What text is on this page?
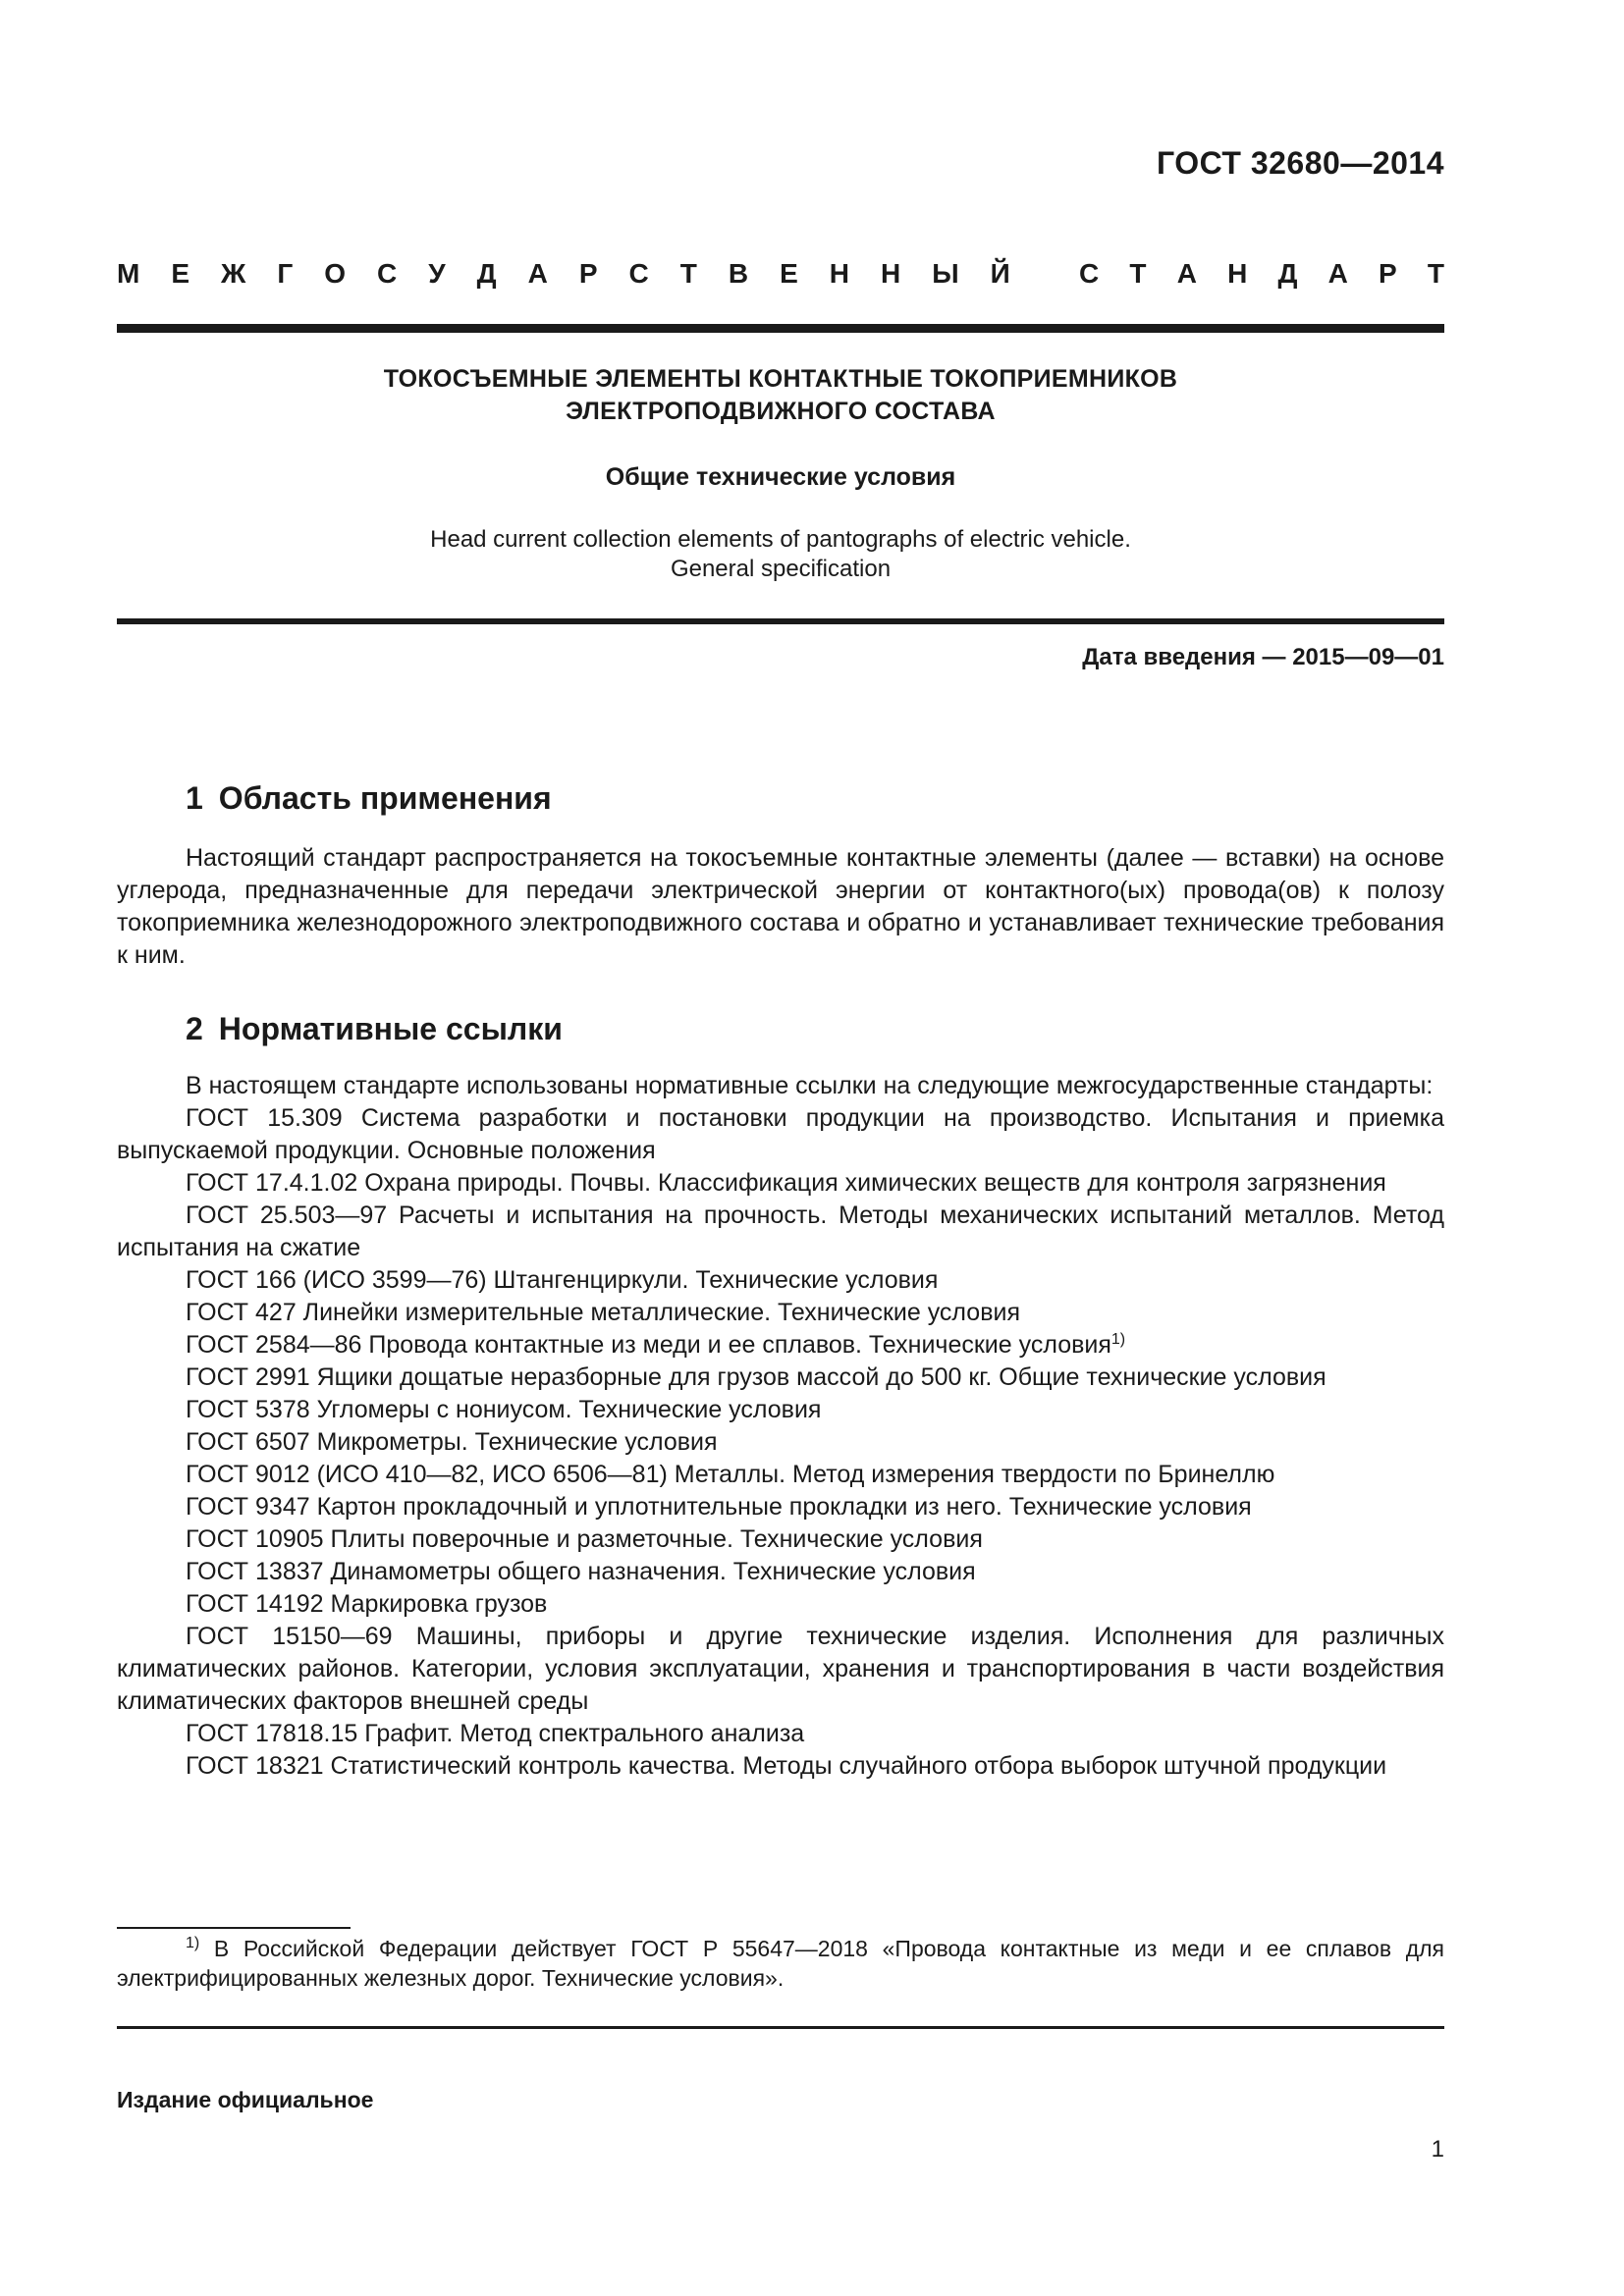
ГОСТ 32680—2014
М Е Ж Г О С У Д А Р С Т В Е Н Н Ы Й	С Т А Н Д А Р Т
ТОКОСЪЕМНЫЕ ЭЛЕМЕНТЫ КОНТАКТНЫЕ ТОКОПРИЕМНИКОВ
ЭЛЕКТРОПОДВИЖНОГО СОСТАВА
Общие технические условия
Head current collection elements of pantographs of electric vehicle.
General specification
Дата введения — 2015—09—01
1 Область применения
Настоящий стандарт распространяется на токосъемные контактные элементы (далее — вставки) на основе углерода, предназначенные для передачи электрической энергии от контактного(ых) провода(ов) к полозу токоприемника железнодорожного электроподвижного состава и обратно и устанавливает технические требования к ним.
2 Нормативные ссылки

В настоящем стандарте использованы нормативные ссылки на следующие межгосударственные стандарты:

ГОСТ 15.309 Система разработки и постановки продукции на производство. Испытания и приемка выпускаемой продукции. Основные положения

ГОСТ 17.4.1.02 Охрана природы. Почвы. Классификация химических веществ для контроля загрязнения

ГОСТ 25.503—97 Расчеты и испытания на прочность. Методы механических испытаний металлов. Метод испытания на сжатие

ГОСТ 166 (ИСО 3599—76) Штангенциркули. Технические условия

ГОСТ 427 Линейки измерительные металлические. Технические условия

ГОСТ 2584—86 Провода контактные из меди и ее сплавов. Технические условия$^{1)}$

ГОСТ 2991 Ящики дощатые неразборные для грузов массой до 500 кг. Общие технические условия

ГОСТ 5378 Угломеры с нониусом. Технические условия

ГОСТ 6507 Микрометры. Технические условия

ГОСТ 9012 (ИСО 410—82, ИСО 6506—81) Металлы. Метод измерения твердости по Бринеллю

ГОСТ 9347 Картон прокладочный и уплотнительные прокладки из него. Технические условия

ГОСТ 10905 Плиты поверочные и разметочные. Технические условия

ГОСТ 13837 Динамометры общего назначения. Технические условия

ГОСТ 14192 Маркировка грузов

ГОСТ 15150—69 Машины, приборы и другие технические изделия. Исполнения для различных климатических районов. Категории, условия эксплуатации, хранения и транспортирования в части воздействия климатических факторов внешней среды

ГОСТ 17818.15 Графит. Метод спектрального анализа

ГОСТ 18321 Статистический контроль качества. Методы случайного отбора выборок штучной продукции

$^{1)}$ В Российской Федерации действует ГОСТ Р 55647—2018 «Провода контактные из меди и ее сплавов для электрифицированных железных дорог. Технические условия».
Издание официальное
1
